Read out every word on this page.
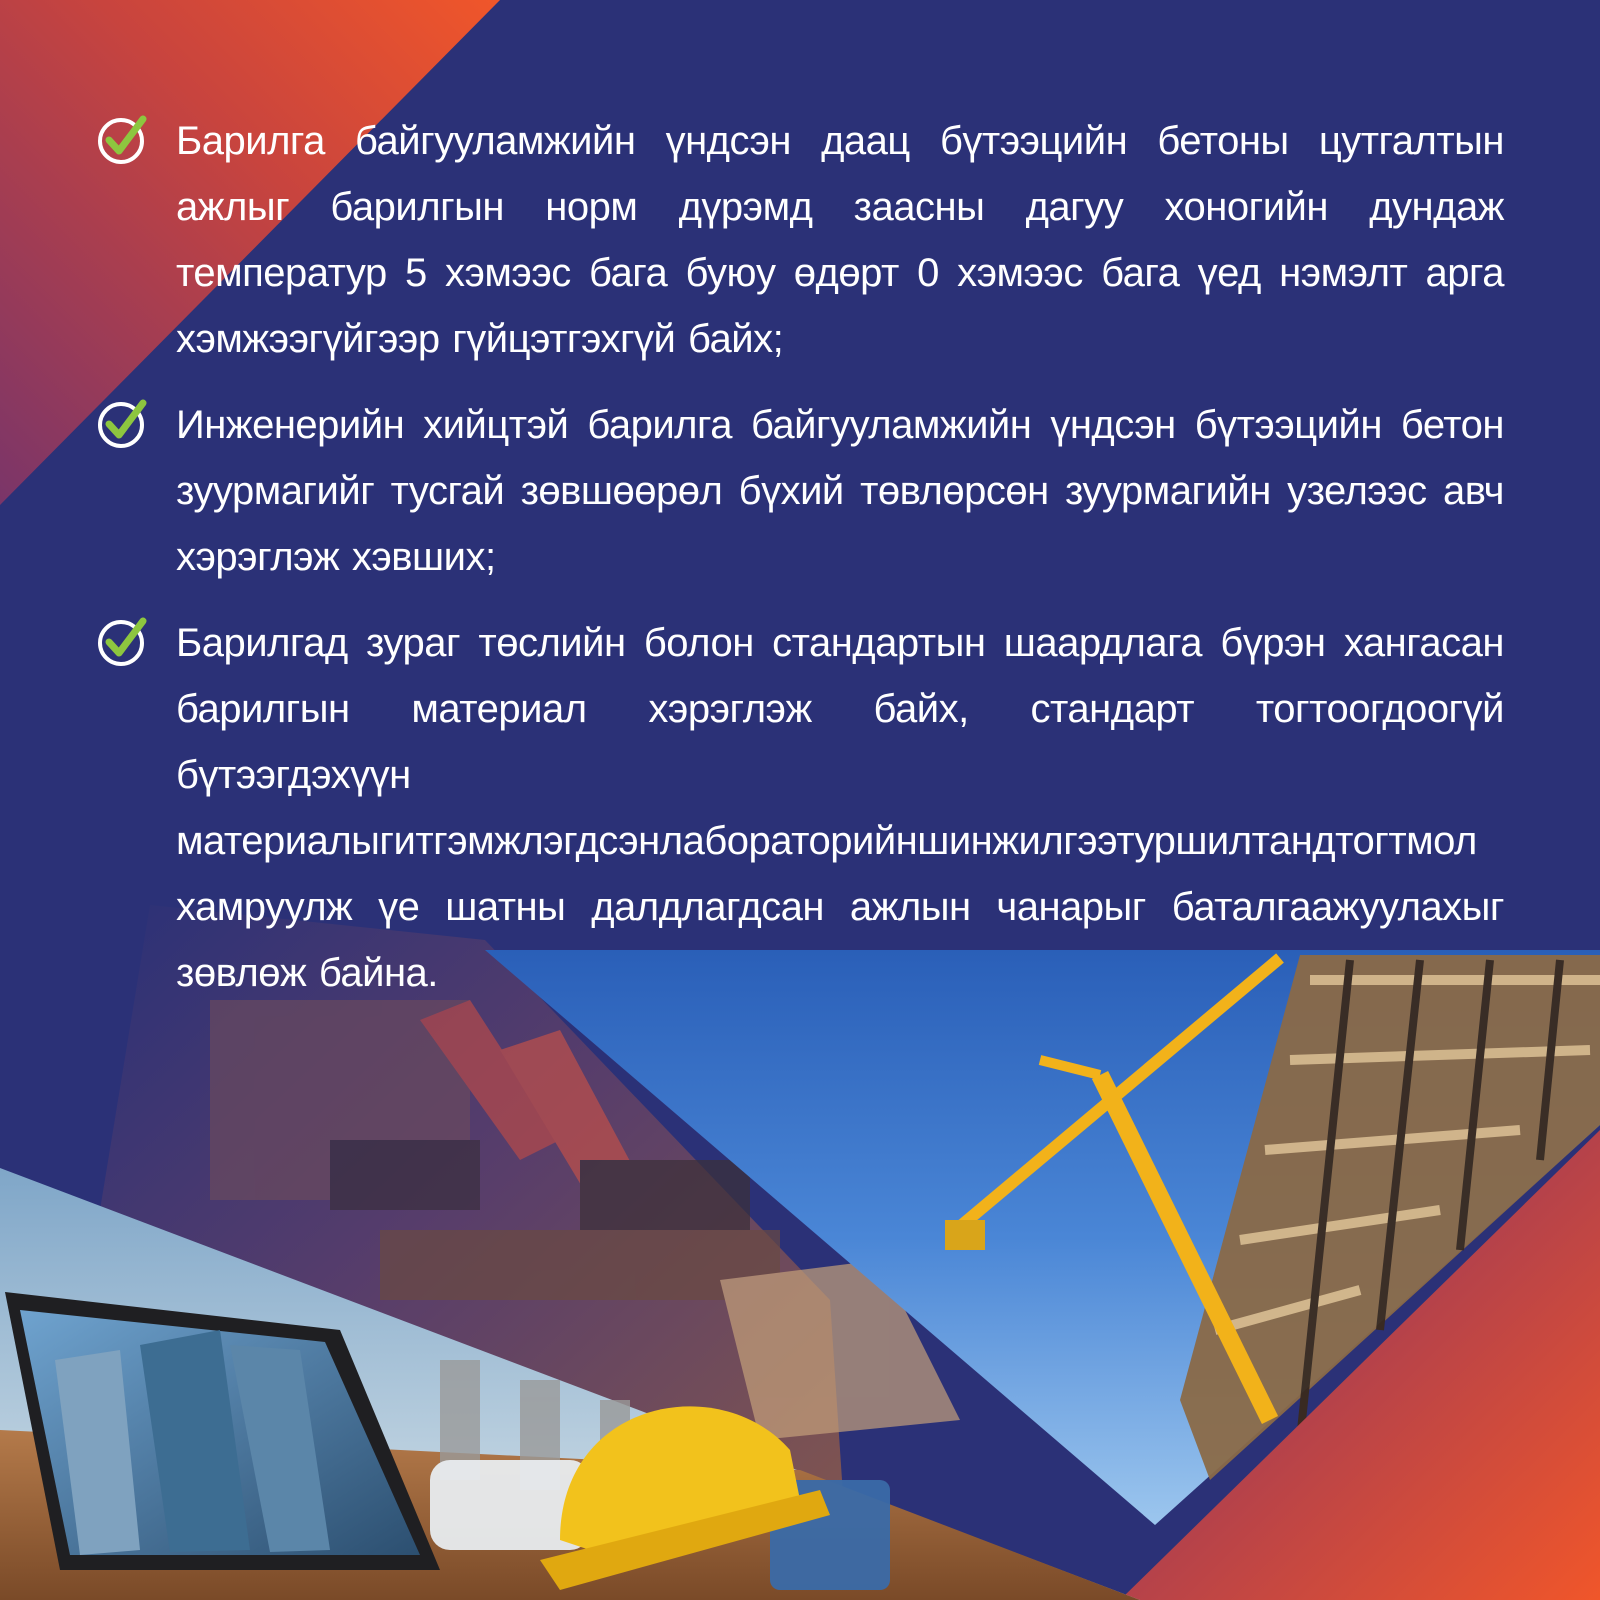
Барилга байгууламжийн үндсэн даац бүтээцийн бетоны цутгалтын ажлыг барилгын норм дүрэмд заасны дагуу хоногийн дундаж температур 5 хэмээс бага буюу өдөрт 0 хэмээс бага үед нэмэлт арга хэмжээгүйгээр гүйцэтгэхгүй байх;
Инженерийн хийцтэй барилга байгууламжийн үндсэн бүтээцийн бетон зуурмагийг тусгай зөвшөөрөл бүхий төвлөрсөн зуурмагийн узелээс авч хэрэглэж хэвших;
Барилгад зураг төслийн болон стандартын шаардлага бүрэн хангасан барилгын материал хэрэглэж байх, стандарт тогтоогдоогүй бүтээгдэхүүн материалыгитгэмжлэгдсэнлабораторийншинжилгээтуршилтандтогтмол хамруулж үе шатны далдлагдсан ажлын чанарыг баталгаажуулахыг зөвлөж байна.
